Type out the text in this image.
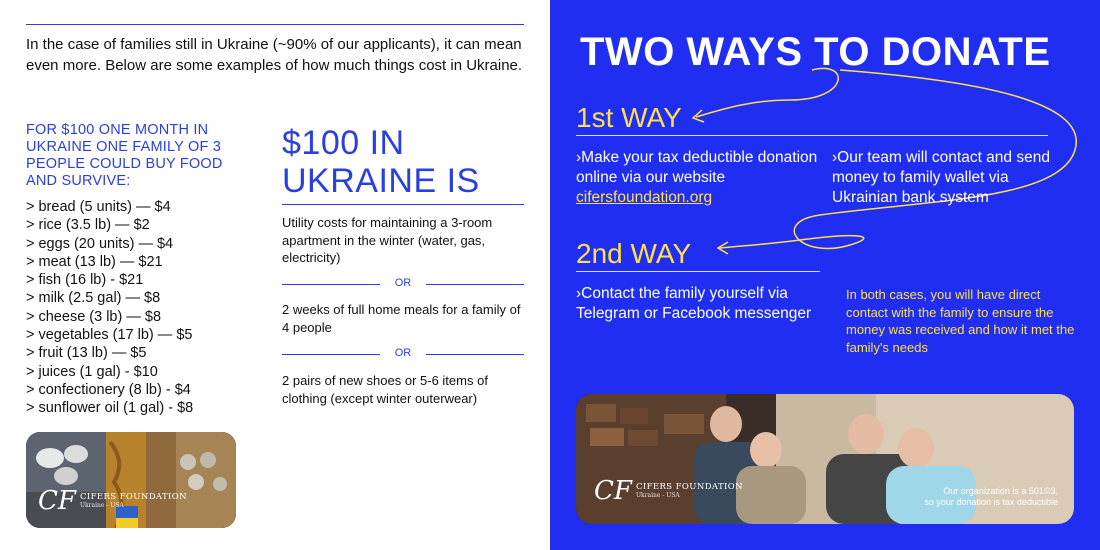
In the case of families still in Ukraine (~90% of our applicants), it can mean even more. Below are some examples of how much things cost in Ukraine.

FOR $100 ONE MONTH IN UKRAINE ONE FAMILY OF 3 PEOPLE COULD BUY FOOD AND SURVIVE:
> bread (5 units) — $4
> rice (3.5 lb) — $2
> eggs (20 units) — $4
> meat (13 lb) — $21
> fish (16 lb) - $21
> milk (2.5 gal) — $8
> cheese (3 lb) — $8
> vegetables (17 lb) — $5
> fruit (13 lb) — $5
> juices (1 gal) - $10
> confectionery (8 lb) - $4
> sunflower oil (1 gal) - $8
$100 IN
UKRAINE IS

Utility costs for maintaining a 3-room apartment in the winter (water, gas, electricity)

OR

2 weeks of full home meals for a family of 4 people

OR

2 pairs of new shoes or 5-6 items of clothing (except winter outerwear)

CF CIFERS FOUNDATION
Ukraine - USA
TWO WAYS TO DONATE
1st WAY
›Make your tax deductible donation online via our website cifersfoundation.org
›Our team will contact and send money to family wallet via Ukrainian bank system
2nd WAY
›Contact the family yourself via Telegram or Facebook messenger
In both cases, you will have direct contact with the family to ensure the money was received and how it met the family's needs
CF CIFERS FOUNDATION
Ukraine - USA	Our organization is a 501©3,
so your donation is tax deductible
